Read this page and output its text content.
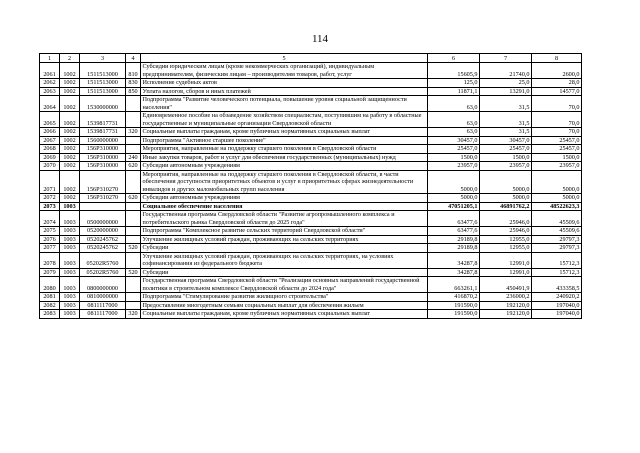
114
1	2	3	4	5	6	7	8
2061	1002	1511513000	810	Субсидии юридическим лицам (кроме некоммерческих организаций), индивидуальным предпринимателям, физическим лицам – производителям товаров, работ, услуг	15605,9	21740,0	2600,0
2062	1002	1511513000	830	Исполнение судебных актов	125,0	25,0	28,0
2063	1002	1511513000	850	Уплата налогов, сборов и иных платежей	11871,1	13291,0	14577,0
2064	1002	1530000000		Подпрограмма "Развитие человеческого потенциала, повышение уровня социальной защищенности населения"	63,0	31,5	70,0
2065	1002	1539817731		Единовременное пособие на обзаведение хозяйством специалистам, поступившим на работу в областные государственные и муниципальные организации Свердловской области	63,0	31,5	70,0
2066	1002	1539817731	320	Социальные выплаты гражданам, кроме публичных нормативных социальных выплат	63,0	31,5	70,0
2067	1002	1560000000		Подпрограмма "Активное старшее поколение"	30457,0	30457,0	25457,0
2068	1002	156P310000		Мероприятия, направленные на поддержку старшего поколения в Свердловской области	25457,0	25457,0	25457,0
2069	1002	156P310000	240	Иные закупки товаров, работ и услуг для обеспечения государственных (муниципальных) нужд	1500,0	1500,0	1500,0
2070	1002	156P310000	620	Субсидии автономным учреждениям	23957,0	23957,0	23957,0
2071	1002	156P310270		Мероприятия, направленные на поддержку старшего поколения в Свердловской области, в части обеспечения доступности приоритетных объектов и услуг в приоритетных сферах жизнедеятельности инвалидов и других маломобильных групп населения	5000,0	5000,0	5000,0
2072	1002	156P310270	620	Субсидии автономным учреждениям	5000,0	5000,0	5000,0
2073	1003			Социальное обеспечение населения	47051205,1	46891762,2	48522623,3
2074	1003	0500000000		Государственная программа Свердловской области "Развитие агропромышленного комплекса и потребительского рынка Свердловской области до 2025 года"	63477,6	25946,0	45509,6
2075	1003	0520000000		Подпрограмма "Комплексное развитие сельских территорий Свердловской области"	63477,6	25946,0	45509,6
2076	1003	0520245762		Улучшение жилищных условий граждан, проживающих на сельских территориях	29189,8	12955,0	29797,3
2077	1003	0520245762	520	Субсидии	29189,8	12955,0	29797,3
2078	1003	05202R5760		Улучшение жилищных условий граждан, проживающих на сельских территориях, на условиях софинансирования из федерального бюджета	34287,8	12991,0	15712,3
2079	1003	05202R5760	520	Субсидии	34287,8	12991,0	15712,3
2080	1003	0800000000		Государственная программа Свердловской области "Реализация основных направлений государственной политики в строительном комплексе Свердловской области до 2024 года"	663261,1	450491,9	433358,5
2081	1003	0810000000		Подпрограмма "Стимулирование развития жилищного строительства"	416870,2	236000,2	240920,2
2082	1003	0811117000		Предоставление многодетным семьям социальных выплат для обеспечения жильем	191590,0	192120,0	197040,0
2083	1003	0811117000	320	Социальные выплаты гражданам, кроме публичных нормативных социальных выплат	191590,0	192120,0	197040,0
